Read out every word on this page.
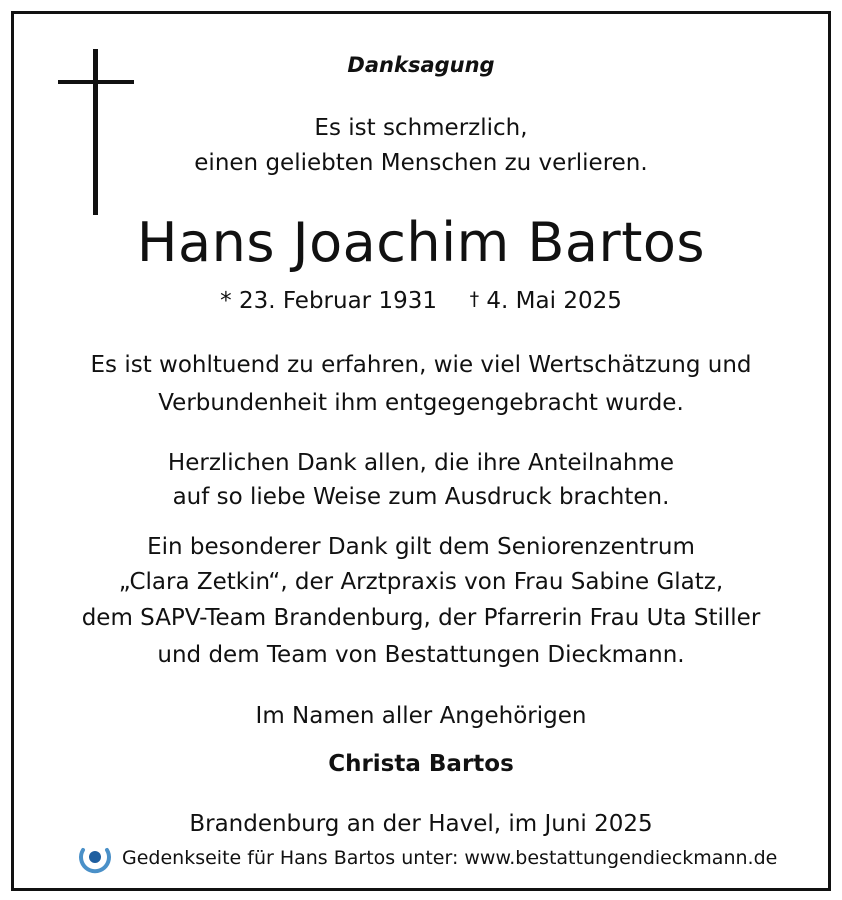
Danksagung
Es ist schmerzlich,
einen geliebten Menschen zu verlieren.
Hans Joachim Bartos
* 23. Februar 1931 † 4. Mai 2025
Es ist wohltuend zu erfahren, wie viel Wertschätzung und
Verbundenheit ihm entgegengebracht wurde.
Herzlichen Dank allen, die ihre Anteilnahme
auf so liebe Weise zum Ausdruck brachten.
Ein besonderer Dank gilt dem Seniorenzentrum
„Clara Zetkin“, der Arztpraxis von Frau Sabine Glatz,
dem SAPV-Team Brandenburg, der Pfarrerin Frau Uta Stiller
und dem Team von Bestattungen Dieckmann.
Im Namen aller Angehörigen
Christa Bartos
Brandenburg an der Havel, im Juni 2025
Gedenkseite für Hans Bartos unter: www.bestattungendieckmann.de
